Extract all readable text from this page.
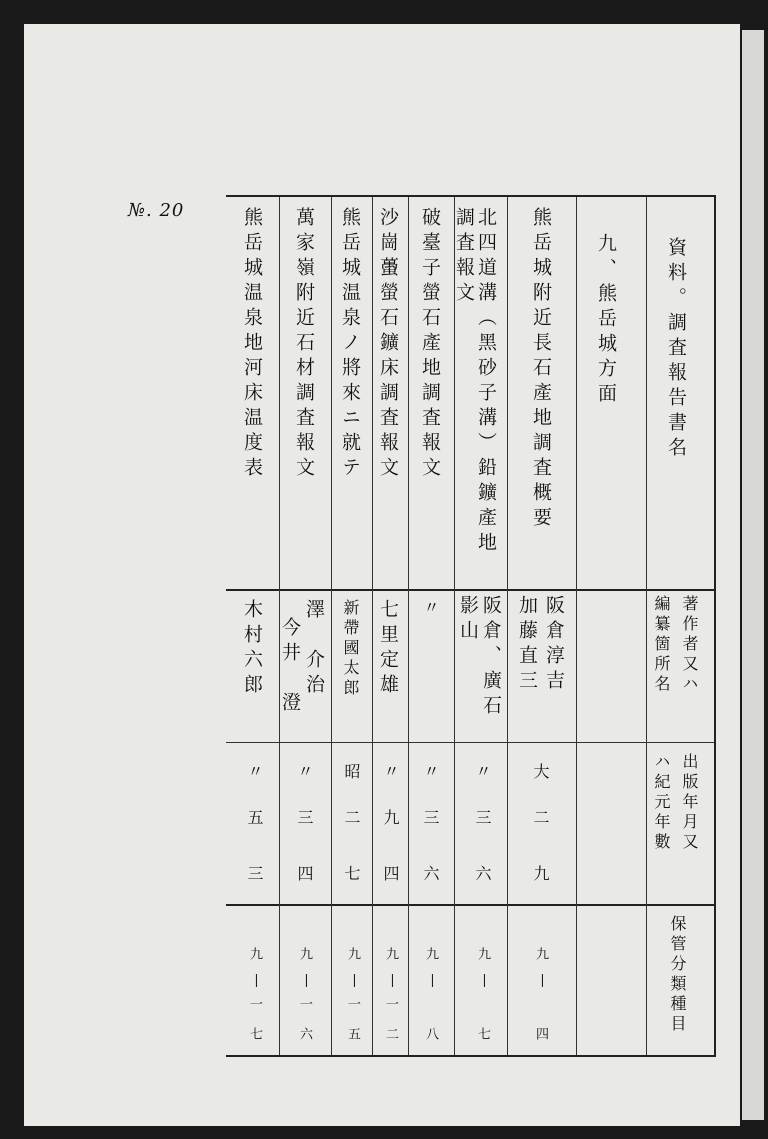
№. 20
資料。調査報告書名
著作者又ハ
編纂箇所名
出版年月又
ハ紀元年數
保管分類種目
九、熊岳城方面
熊岳城附近長石產地調査概要
阪倉淳吉
加藤直三
大
二
九
九
|
四
北四道溝（黑砂子溝）鉛鑛產地
調査報文
阪倉、廣石
影山
〃
三
六
九
|
七
破臺子螢石產地調査報文
〃
〃
三
六
九
|
八
沙崗蠆螢石鑛床調査報文
七里定雄
〃
九
四
九
|
一
二
熊岳城温泉ノ將來ニ就テ
新帶國太郎
昭
二
七
九
|
一
五
萬家嶺附近石材調査報文
澤　介治
今井　澄
〃
三
四
九
|
一
六
熊岳城温泉地河床温度表
木村六郎
〃
五
三
九
|
一
七
